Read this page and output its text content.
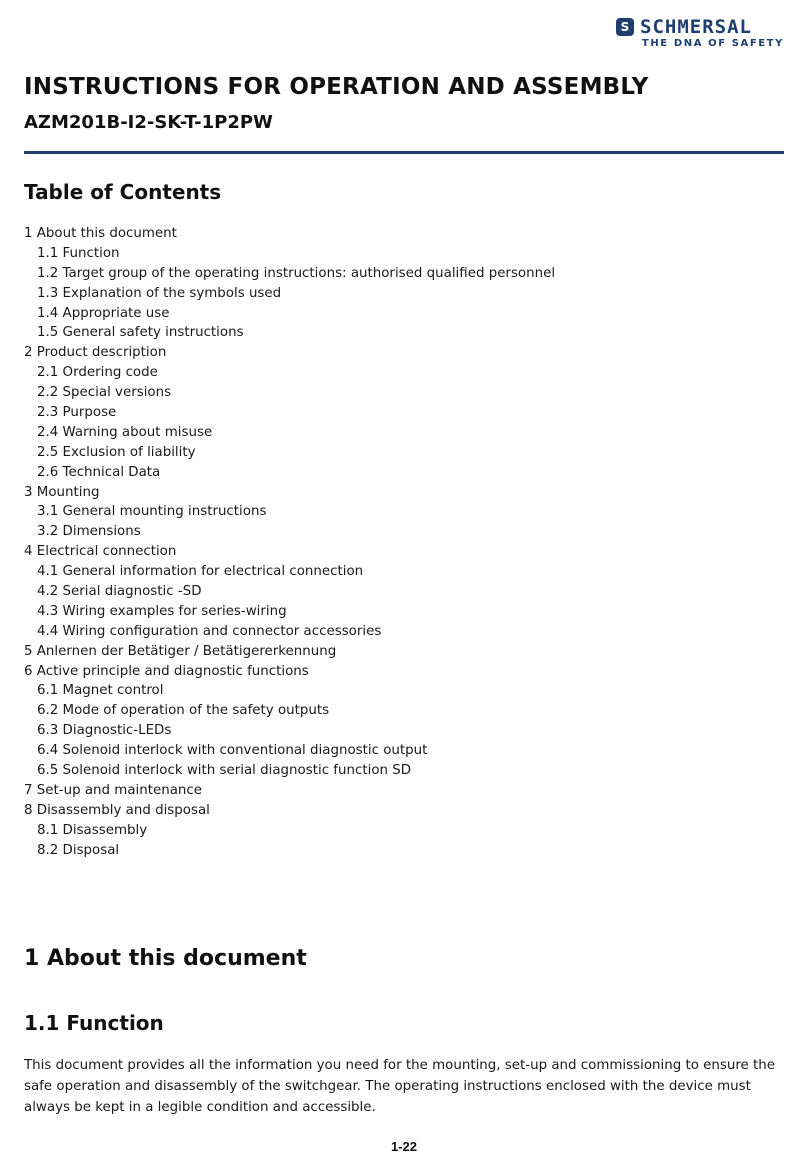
S SCHMERSAL
THE DNA OF SAFETY
INSTRUCTIONS FOR OPERATION AND ASSEMBLY
AZM201B-I2-SK-T-1P2PW
Table of Contents
1 About this document
1.1 Function
1.2 Target group of the operating instructions: authorised qualified personnel
1.3 Explanation of the symbols used
1.4 Appropriate use
1.5 General safety instructions
2 Product description
2.1 Ordering code
2.2 Special versions
2.3 Purpose
2.4 Warning about misuse
2.5 Exclusion of liability
2.6 Technical Data
3 Mounting
3.1 General mounting instructions
3.2 Dimensions
4 Electrical connection
4.1 General information for electrical connection
4.2 Serial diagnostic -SD
4.3 Wiring examples for series-wiring
4.4 Wiring configuration and connector accessories
5 Anlernen der Betätiger / Betätigererkennung
6 Active principle and diagnostic functions
6.1 Magnet control
6.2 Mode of operation of the safety outputs
6.3 Diagnostic-LEDs
6.4 Solenoid interlock with conventional diagnostic output
6.5 Solenoid interlock with serial diagnostic function SD
7 Set-up and maintenance
8 Disassembly and disposal
8.1 Disassembly
8.2 Disposal
1 About this document
1.1 Function

This document provides all the information you need for the mounting, set-up and commissioning to ensure the safe operation and disassembly of the switchgear. The operating instructions enclosed with the device must always be kept in a legible condition and accessible.

1-22
